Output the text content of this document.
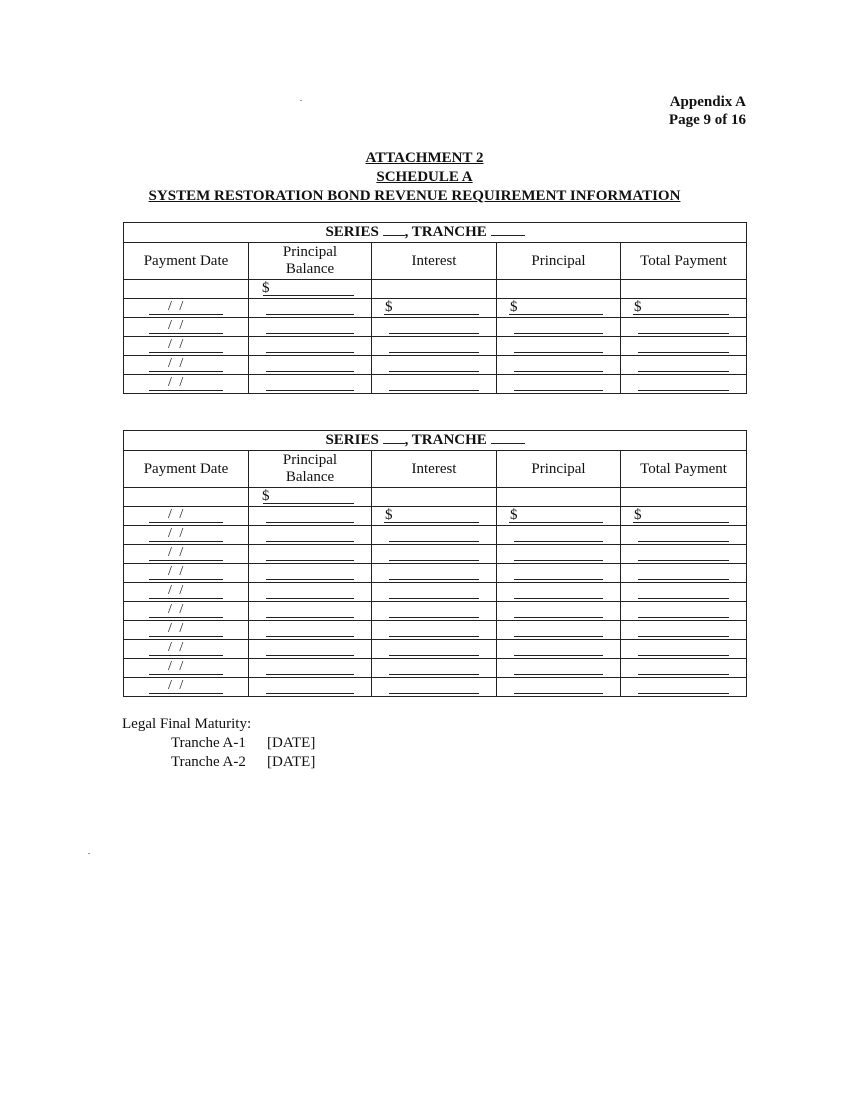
Appendix A
Page 9 of 16
ATTACHMENT 2
SCHEDULE A
SYSTEM RESTORATION BOND REVENUE REQUIREMENT INFORMATION
SERIES , TRANCHE				
Payment Date	Principal Balance	Interest	Principal	Total Payment

	$			

/ /		$	$	$

/ /				

/ /				

/ /				

/ /				

SERIES , TRANCHE				
Payment Date	Principal Balance	Interest	Principal	Total Payment

	$			

/ /		$	$	$

/ /				

/ /				

/ /				

/ /				

/ /				

/ /				

/ /				

/ /				

/ /				

Legal Final Maturity:
Tranche A-1 [DATE]
Tranche A-2 [DATE]
